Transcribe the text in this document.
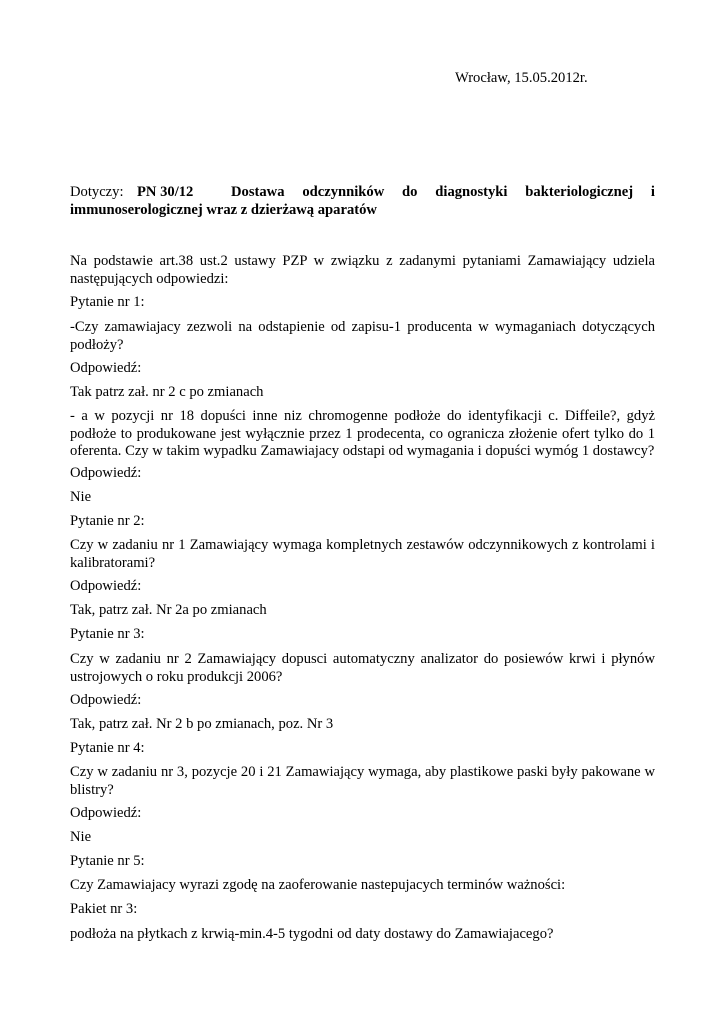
Wrocław, 15.05.2012r.
Dotyczy: PN 30/12	Dostawa odczynników do diagnostyki bakteriologicznej i
immunoserologicznej wraz z dzierżawą aparatów

Na podstawie art.38 ust.2 ustawy PZP w związku z zadanymi pytaniami Zamawiający udziela następujących odpowiedzi:

Pytanie nr 1:

-Czy zamawiajacy zezwoli na odstapienie od zapisu-1 producenta w wymaganiach dotyczących podłoży?

Odpowiedź:

Tak patrz zał. nr 2 c po zmianach

- a w pozycji nr 18 dopuści inne niz chromogenne podłoże do identyfikacji c. Diffeile?, gdyż podłoże to produkowane jest wyłącznie przez 1 prodecenta, co ogranicza złożenie ofert tylko do 1 oferenta. Czy w takim wypadku Zamawiajacy odstapi od wymagania i dopuści wymóg 1 dostawcy?

Odpowiedź:

Nie

Pytanie nr 2:

Czy w zadaniu nr 1 Zamawiający wymaga kompletnych zestawów odczynnikowych z kontrolami i kalibratorami?

Odpowiedź:

Tak, patrz zał. Nr 2a po zmianach

Pytanie nr 3:

Czy w zadaniu nr 2 Zamawiający dopusci automatyczny analizator do posiewów krwi i płynów ustrojowych o roku produkcji 2006?

Odpowiedź:

Tak, patrz zał. Nr 2 b po zmianach, poz. Nr 3

Pytanie nr 4:

Czy w zadaniu nr 3, pozycje 20 i 21 Zamawiający wymaga, aby plastikowe paski były pakowane w blistry?

Odpowiedź:

Nie

Pytanie nr 5:

Czy Zamawiajacy wyrazi zgodę na zaoferowanie nastepujacych terminów ważności:

Pakiet nr 3:

podłoża na płytkach z krwią-min.4-5 tygodni od daty dostawy do Zamawiajacego?
